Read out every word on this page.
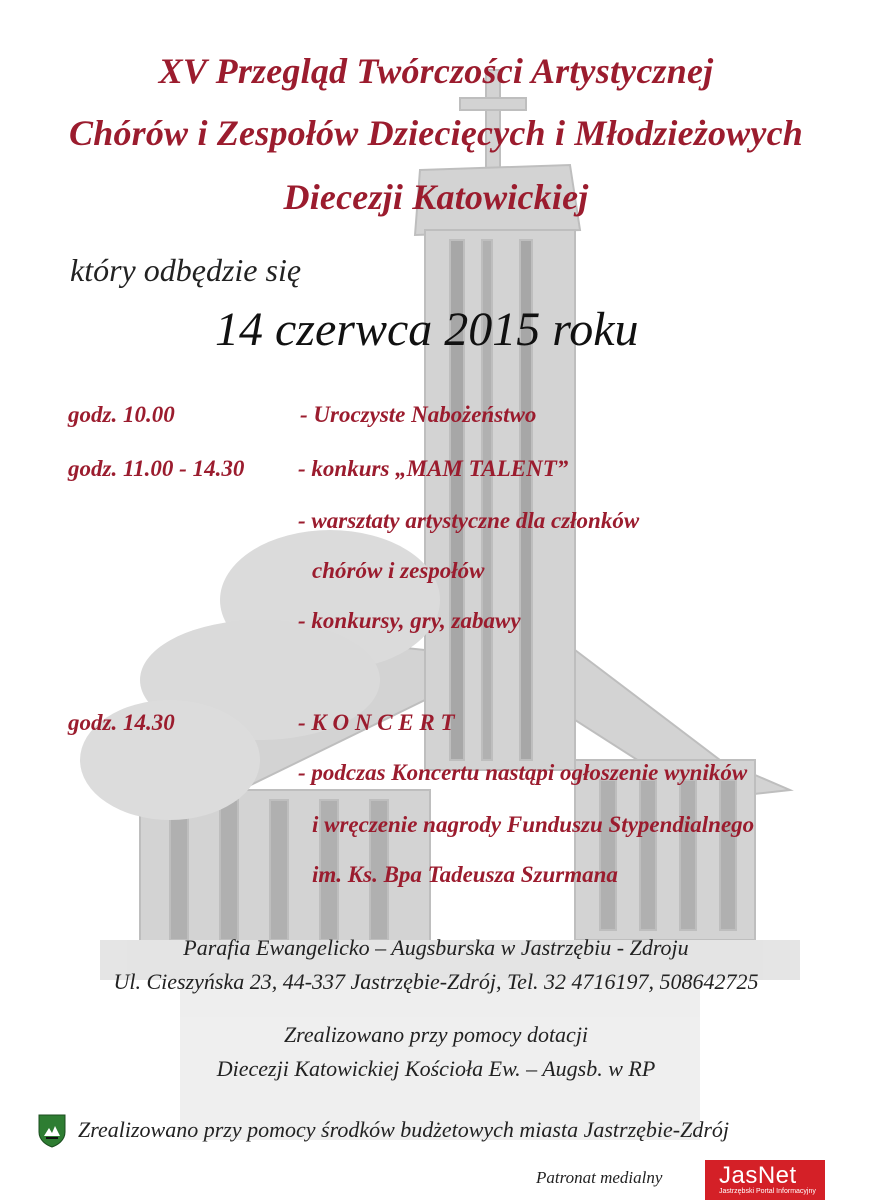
XV Przegląd Twórczości Artystycznej
Chórów i Zespołów Dziecięcych i Młodzieżowych
Diecezji Katowickiej
który odbędzie się
14 czerwca 2015 roku
godz. 10.00	- Uroczyste Nabożeństwo
godz. 11.00 - 14.30 - konkurs „MAM TALENT”
- warsztaty artystyczne dla członków
chórów i zespołów
- konkursy, gry, zabawy
godz. 14.30	- K O N C E R T
- podczas Koncertu nastąpi ogłoszenie wyników
i wręczenie nagrody Funduszu Stypendialnego
im. Ks. Bpa Tadeusza Szurmana
Parafia Ewangelicko – Augsburska w Jastrzębiu - Zdroju
Ul. Cieszyńska 23, 44-337 Jastrzębie-Zdrój, Tel. 32 4716197, 508642725
Zrealizowano przy pomocy dotacji
Diecezji Katowickiej Kościoła Ew. – Augsb. w RP
Zrealizowano przy pomocy środków budżetowych miasta Jastrzębie-Zdrój
Patronat medialny JasNet
Jastrzębski Portal Informacyjny
